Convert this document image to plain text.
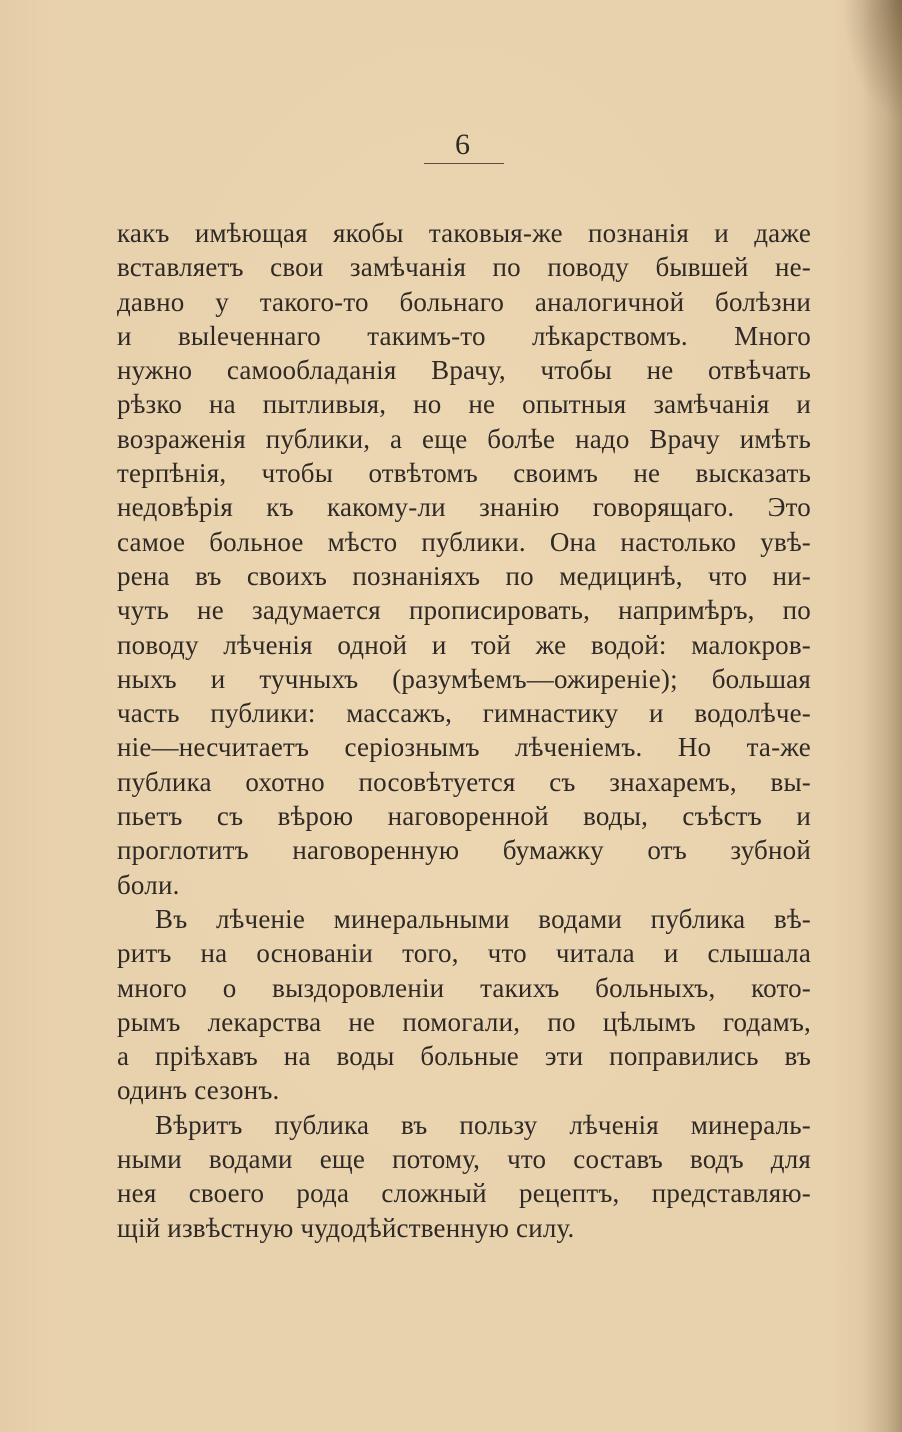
6
какъ имѣющая якобы таковыя-же познанія и даже
вставляетъ свои замѣчанія по поводу бывшей не-
давно у такого-то больнаго аналогичной болѣзни
и выleченнаго такимъ-то лѣкарствомъ. Много
нужно самообладанія Врачу, чтобы не отвѣчать
рѣзко на пытливыя, но не опытныя замѣчанія и
возраженія публики, а еще болѣе надо Врачу имѣть
терпѣнія, чтобы отвѣтомъ своимъ не высказать
недовѣрія къ какому-ли знанію говорящаго. Это
самое больное мѣсто публики. Она настолько увѣ-
рена въ своихъ познаніяхъ по медицинѣ, что ни-
чуть не задумается прописировать, напримѣръ, по
поводу лѣченія одной и той же водой: малокров-
ныхъ и тучныхъ (разумѣемъ—ожиреніе); большая
часть публики: массажъ, гимнастику и водолѣче-
ніе—несчитаетъ серіознымъ лѣченіемъ. Но та-же
публика охотно посовѣтуется съ знахаремъ, вы-
пьетъ съ вѣрою наговоренной воды, съѣстъ и
проглотитъ наговоренную бумажку отъ зубной
боли.
Въ лѣченіе минеральными водами публика вѣ-
ритъ на основаніи того, что читала и слышала
много о выздоровленіи такихъ больныхъ, кото-
рымъ лекарства не помогали, по цѣлымъ годамъ,
а пріѣхавъ на воды больные эти поправились въ
одинъ сезонъ.
Вѣритъ публика въ пользу лѣченія минераль-
ными водами еще потому, что составъ водъ для
нея своего рода сложный рецептъ, представляю-
щій извѣстную чудодѣйственную силу.
